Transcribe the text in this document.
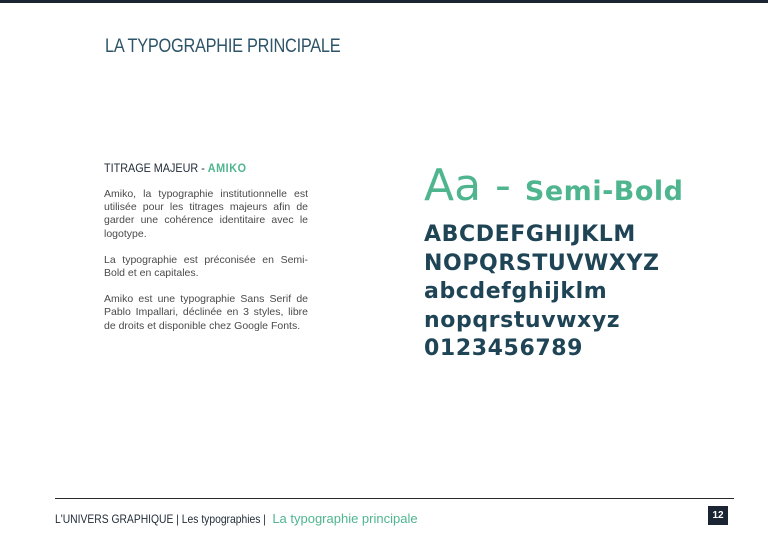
LA TYPOGRAPHIE PRINCIPALE
TITRAGE MAJEUR - AMIKO

Amiko, la typographie institutionnelle est utilisée pour les titrages majeurs afin de garder une cohérence identitaire avec le logotype.

La typographie est préconisée en Semi-Bold et en capitales.

Amiko est une typographie Sans Serif de Pablo Impallari, déclinée en 3 styles, libre de droits et disponible chez Google Fonts.

Aa - Semi-Bold
ABCDEFGHIJKLM
NOPQRSTUVWXYZ
abcdefghijklm
nopqrstuvwxyz
0123456789
L'UNIVERS GRAPHIQUE | Les typographies |La typographie principale	12
